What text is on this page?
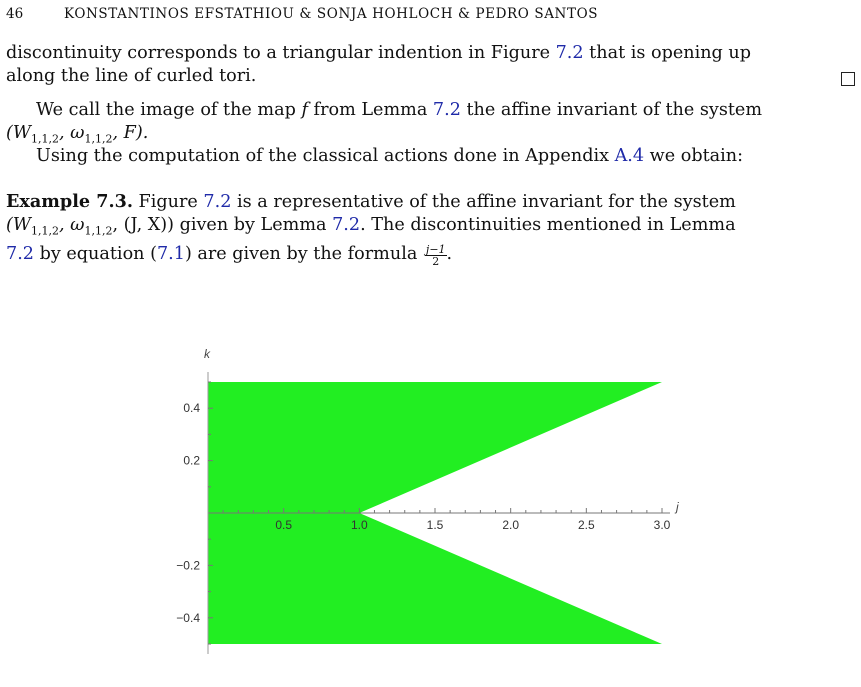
46	KONSTANTINOS EFSTATHIOU & SONJA HOHLOCH & PEDRO SANTOS

discontinuity corresponds to a triangular indention in Figure 7.2 that is opening up
along the line of curled tori.

We call the image of the map f from Lemma 7.2 the affine invariant of the system
($W_{1,1,2}$, $\omega_{1,1,2}$, F).

Using the computation of the classical actions done in Appendix A.4 we obtain:

Example 7.3. Figure 7.2 is a representative of the affine invariant for the system
($W_{1,1,2}$, $\omega_{1,1,2}$, (J, X)) given by Lemma 7.2. The discontinuities mentioned in Lemma
7.2 by equation (7.1) are given by the formula $\frac{j-1}{2}$ .

0.5	1.0	1.5	2.0	2.5	3.0
0.4
0.2
−0.2
−0.4
j
k
